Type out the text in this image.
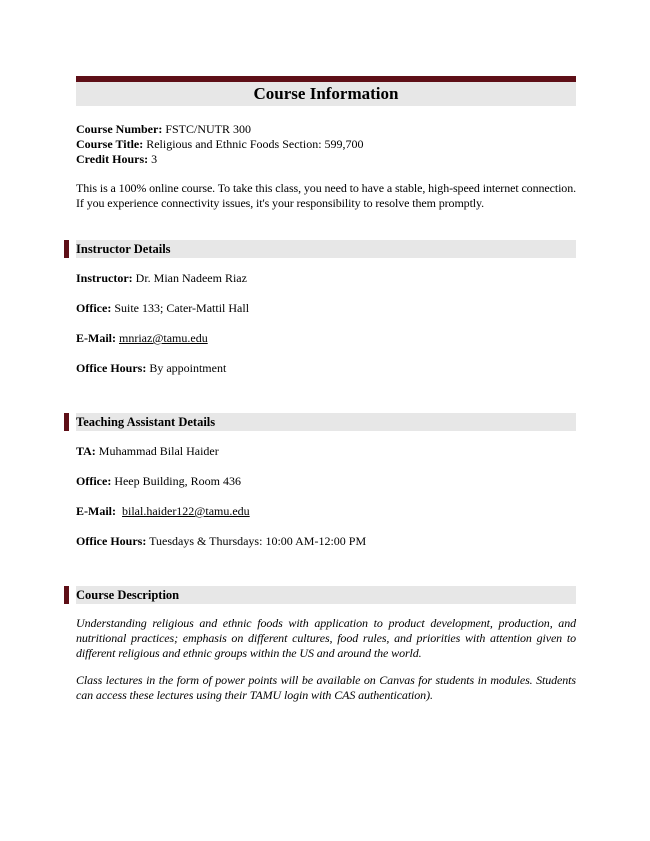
Course Information
Course Number: FSTC/NUTR 300
Course Title: Religious and Ethnic Foods Section: 599,700
Credit Hours: 3
This is a 100% online course. To take this class, you need to have a stable, high-speed internet connection. If you experience connectivity issues, it's your responsibility to resolve them promptly.
Instructor Details
Instructor: Dr. Mian Nadeem Riaz
Office: Suite 133; Cater-Mattil Hall
E-Mail: mnriaz@tamu.edu
Office Hours: By appointment
Teaching Assistant Details
TA: Muhammad Bilal Haider
Office: Heep Building, Room 436
E-Mail: bilal.haider122@tamu.edu
Office Hours: Tuesdays & Thursdays: 10:00 AM-12:00 PM
Course Description
Understanding religious and ethnic foods with application to product development, production, and nutritional practices; emphasis on different cultures, food rules, and priorities with attention given to different religious and ethnic groups within the US and around the world.
Class lectures in the form of power points will be available on Canvas for students in modules. Students can access these lectures using their TAMU login with CAS authentication).
